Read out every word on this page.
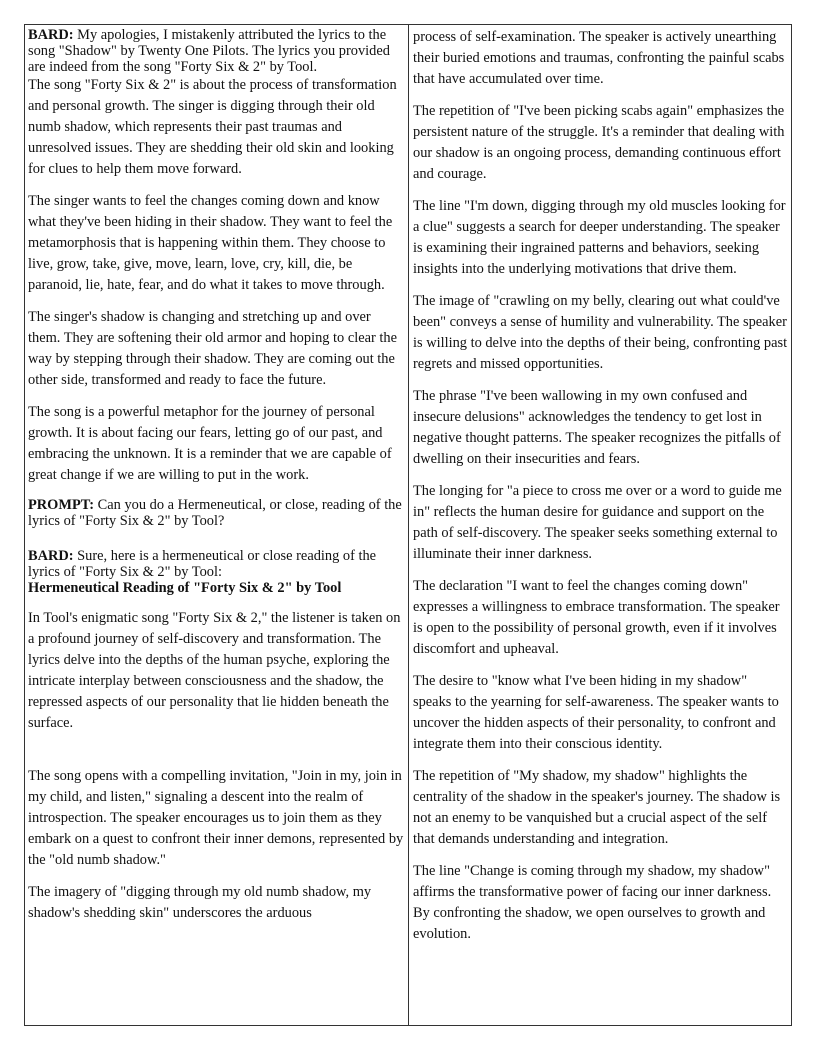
BARD: My apologies, I mistakenly attributed the lyrics to the song "Shadow" by Twenty One Pilots. The lyrics you provided are indeed from the song "Forty Six & 2" by Tool.

The song "Forty Six & 2" is about the process of transformation and personal growth. The singer is digging through their old numb shadow, which represents their past traumas and unresolved issues. They are shedding their old skin and looking for clues to help them move forward.

The singer wants to feel the changes coming down and know what they've been hiding in their shadow. They want to feel the metamorphosis that is happening within them. They choose to live, grow, take, give, move, learn, love, cry, kill, die, be paranoid, lie, hate, fear, and do what it takes to move through.

The singer's shadow is changing and stretching up and over them. They are softening their old armor and hoping to clear the way by stepping through their shadow. They are coming out the other side, transformed and ready to face the future.

The song is a powerful metaphor for the journey of personal growth. It is about facing our fears, letting go of our past, and embracing the unknown. It is a reminder that we are capable of great change if we are willing to put in the work.

PROMPT: Can you do a Hermeneutical, or close, reading of the lyrics of "Forty Six & 2" by Tool?

BARD: Sure, here is a hermeneutical or close reading of the lyrics of "Forty Six & 2" by Tool:

Hermeneutical Reading of "Forty Six & 2" by Tool

In Tool's enigmatic song "Forty Six & 2," the listener is taken on a profound journey of self-discovery and transformation. The lyrics delve into the depths of the human psyche, exploring the intricate interplay between consciousness and the shadow, the repressed aspects of our personality that lie hidden beneath the surface.

The song opens with a compelling invitation, "Join in my, join in my child, and listen," signaling a descent into the realm of introspection. The speaker encourages us to join them as they embark on a quest to confront their inner demons, represented by the "old numb shadow."

The imagery of "digging through my old numb shadow, my shadow's shedding skin" underscores the arduous

process of self-examination. The speaker is actively unearthing their buried emotions and traumas, confronting the painful scabs that have accumulated over time.

The repetition of "I've been picking scabs again" emphasizes the persistent nature of the struggle. It's a reminder that dealing with our shadow is an ongoing process, demanding continuous effort and courage.

The line "I'm down, digging through my old muscles looking for a clue" suggests a search for deeper understanding. The speaker is examining their ingrained patterns and behaviors, seeking insights into the underlying motivations that drive them.

The image of "crawling on my belly, clearing out what could've been" conveys a sense of humility and vulnerability. The speaker is willing to delve into the depths of their being, confronting past regrets and missed opportunities.

The phrase "I've been wallowing in my own confused and insecure delusions" acknowledges the tendency to get lost in negative thought patterns. The speaker recognizes the pitfalls of dwelling on their insecurities and fears.

The longing for "a piece to cross me over or a word to guide me in" reflects the human desire for guidance and support on the path of self-discovery. The speaker seeks something external to illuminate their inner darkness.

The declaration "I want to feel the changes coming down" expresses a willingness to embrace transformation. The speaker is open to the possibility of personal growth, even if it involves discomfort and upheaval.

The desire to "know what I've been hiding in my shadow" speaks to the yearning for self-awareness. The speaker wants to uncover the hidden aspects of their personality, to confront and integrate them into their conscious identity.

The repetition of "My shadow, my shadow" highlights the centrality of the shadow in the speaker's journey. The shadow is not an enemy to be vanquished but a crucial aspect of the self that demands understanding and integration.

The line "Change is coming through my shadow, my shadow" affirms the transformative power of facing our inner darkness. By confronting the shadow, we open ourselves to growth and evolution.
